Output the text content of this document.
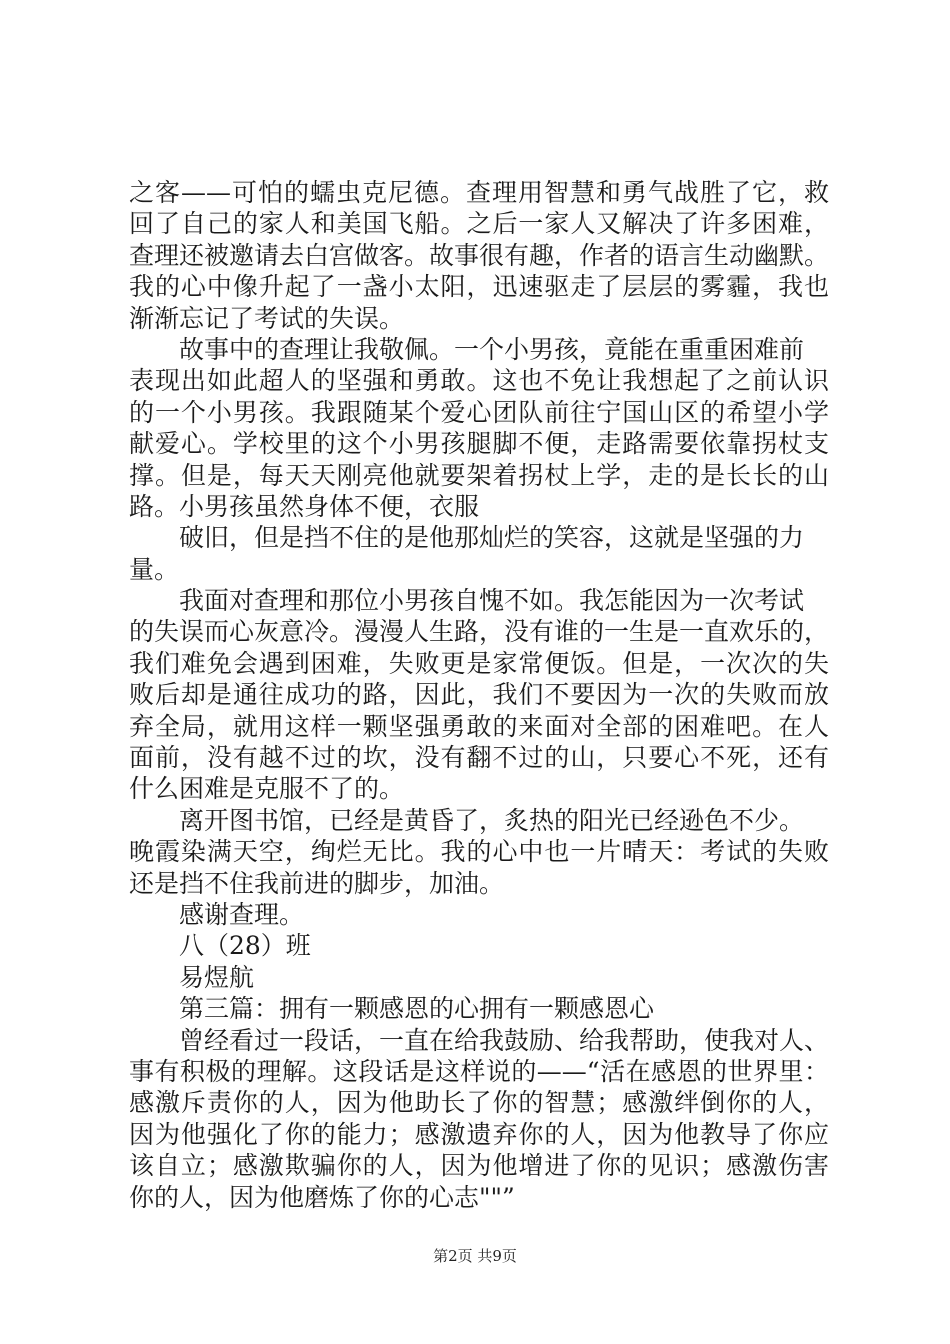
之客——可怕的蠕虫克尼德。查理用智慧和勇气战胜了它，救
回了自己的家人和美国飞船。之后一家人又解决了许多困难，
查理还被邀请去白宫做客。故事很有趣，作者的语言生动幽默。
我的心中像升起了一盏小太阳，迅速驱走了层层的雾霾，我也
渐渐忘记了考试的失误。
故事中的查理让我敬佩。一个小男孩，竟能在重重困难前
表现出如此超人的坚强和勇敢。这也不免让我想起了之前认识
的一个小男孩。我跟随某个爱心团队前往宁国山区的希望小学
献爱心。学校里的这个小男孩腿脚不便，走路需要依靠拐杖支
撑。但是，每天天刚亮他就要架着拐杖上学，走的是长长的山
路。小男孩虽然身体不便，衣服
破旧，但是挡不住的是他那灿烂的笑容，这就是坚强的力
量。
我面对查理和那位小男孩自愧不如。我怎能因为一次考试
的失误而心灰意冷。漫漫人生路，没有谁的一生是一直欢乐的，
我们难免会遇到困难，失败更是家常便饭。但是，一次次的失
败后却是通往成功的路，因此，我们不要因为一次的失败而放
弃全局，就用这样一颗坚强勇敢的来面对全部的困难吧。在人
面前，没有越不过的坎，没有翻不过的山，只要心不死，还有
什么困难是克服不了的。
离开图书馆，已经是黄昏了，炙热的阳光已经逊色不少。
晚霞染满天空，绚烂无比。我的心中也一片晴天：考试的失败
还是挡不住我前进的脚步，加油。
感谢查理。
八（28）班
易煜航
第三篇：拥有一颗感恩的心拥有一颗感恩心
曾经看过一段话，一直在给我鼓励、给我帮助，使我对人、
事有积极的理解。这段话是这样说的——“活在感恩的世界里：
感激斥责你的人，因为他助长了你的智慧；感激绊倒你的人，
因为他强化了你的能力；感激遗弃你的人，因为他教导了你应
该自立；感激欺骗你的人，因为他增进了你的见识；感激伤害
你的人，因为他磨炼了你的心志""”
第2页 共9页
